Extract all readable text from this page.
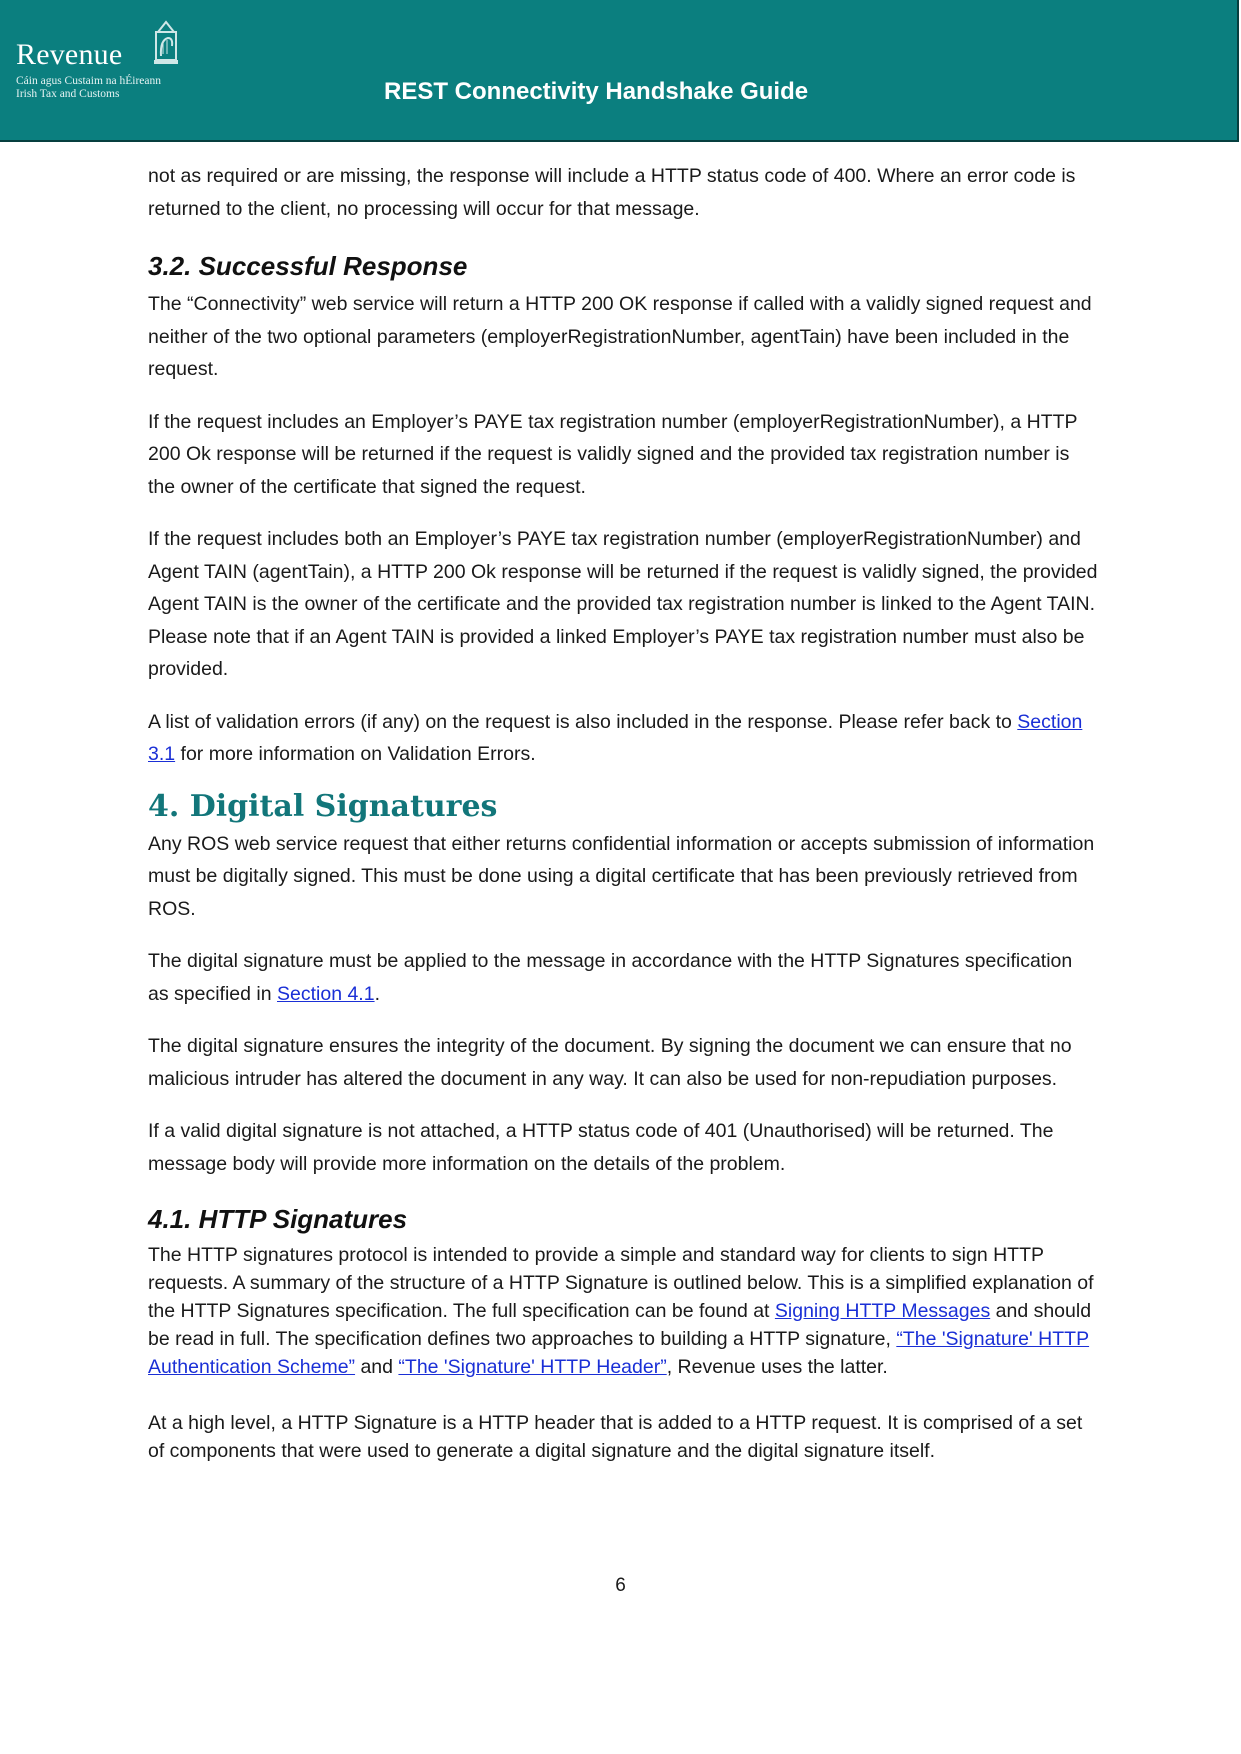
Revenue
Cáin agus Custaim na hÉireann
Irish Tax and Customs	REST Connectivity Handshake Guide

not as required or are missing, the response will include a HTTP status code of 400. Where an error code is returned to the client, no processing will occur for that message.

3.2. Successful Response

The “Connectivity” web service will return a HTTP 200 OK response if called with a validly signed request and neither of the two optional parameters (employerRegistrationNumber, agentTain) have been included in the request.

If the request includes an Employer’s PAYE tax registration number (employerRegistrationNumber), a HTTP 200 Ok response will be returned if the request is validly signed and the provided tax registration number is the owner of the certificate that signed the request.

If the request includes both an Employer’s PAYE tax registration number (employerRegistrationNumber) and Agent TAIN (agentTain), a HTTP 200 Ok response will be returned if the request is validly signed, the provided Agent TAIN is the owner of the certificate and the provided tax registration number is linked to the Agent TAIN. Please note that if an Agent TAIN is provided a linked Employer’s PAYE tax registration number must also be provided.

A list of validation errors (if any) on the request is also included in the response. Please refer back to Section 3.1 for more information on Validation Errors.

4. Digital Signatures

Any ROS web service request that either returns confidential information or accepts submission of information must be digitally signed. This must be done using a digital certificate that has been previously retrieved from ROS.

The digital signature must be applied to the message in accordance with the HTTP Signatures specification as specified in Section 4.1.

The digital signature ensures the integrity of the document. By signing the document we can ensure that no malicious intruder has altered the document in any way. It can also be used for non-repudiation purposes.

If a valid digital signature is not attached, a HTTP status code of 401 (Unauthorised) will be returned. The message body will provide more information on the details of the problem.

4.1. HTTP Signatures

The HTTP signatures protocol is intended to provide a simple and standard way for clients to sign HTTP requests. A summary of the structure of a HTTP Signature is outlined below. This is a simplified explanation of the HTTP Signatures specification. The full specification can be found at Signing HTTP Messages and should be read in full. The specification defines two approaches to building a HTTP signature, “The 'Signature' HTTP Authentication Scheme” and “The 'Signature' HTTP Header”, Revenue uses the latter.

At a high level, a HTTP Signature is a HTTP header that is added to a HTTP request. It is comprised of a set of components that were used to generate a digital signature and the digital signature itself.

6
